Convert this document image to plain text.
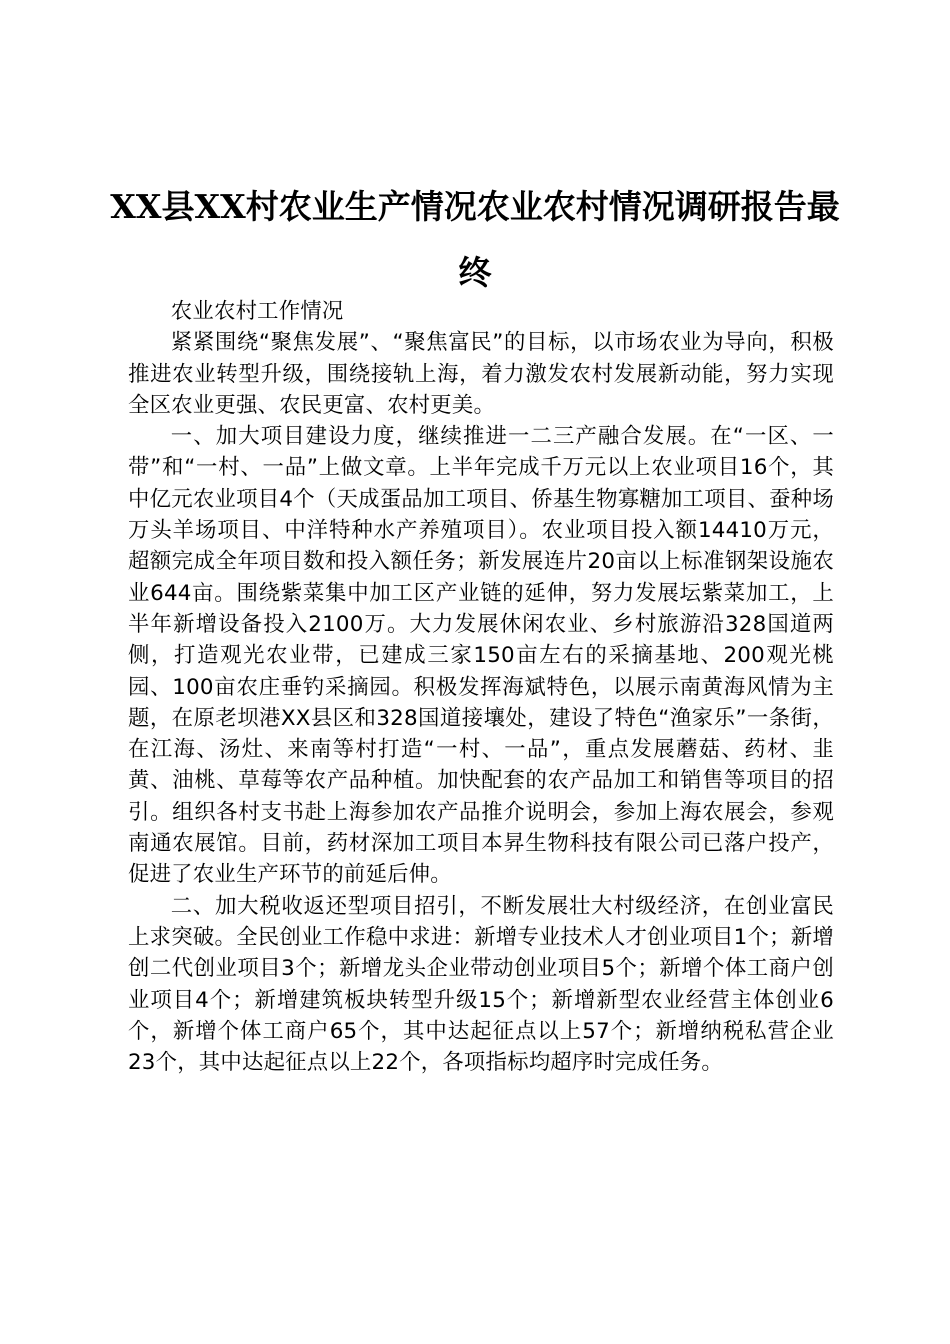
XX县XX村农业生产情况农业农村情况调研报告最终

农业农村工作情况

紧紧围绕“聚焦发展”、“聚焦富民”的目标，以市场农业为导向，积极推进农业转型升级，围绕接轨上海，着力激发农村发展新动能，努力实现全区农业更强、农民更富、农村更美。

一、加大项目建设力度，继续推进一二三产融合发展。在“一区、一带”和“一村、一品”上做文章。上半年完成千万元以上农业项目16个，其中亿元农业项目4个（天成蛋品加工项目、侨基生物寡糖加工项目、蚕种场万头羊场项目、中洋特种水产养殖项目）。农业项目投入额14410万元，超额完成全年项目数和投入额任务；新发展连片20亩以上标准钢架设施农业644亩。围绕紫菜集中加工区产业链的延伸，努力发展坛紫菜加工，上半年新增设备投入2100万。大力发展休闲农业、乡村旅游沿328国道两侧，打造观光农业带，已建成三家150亩左右的采摘基地、200观光桃园、100亩农庄垂钓采摘园。积极发挥海斌特色，以展示南黄海风情为主题，在原老坝港XX县区和328国道接壤处，建设了特色“渔家乐”一条街，在江海、汤灶、来南等村打造“一村、一品”，重点发展蘑菇、药材、韭黄、油桃、草莓等农产品种植。加快配套的农产品加工和销售等项目的招引。组织各村支书赴上海参加农产品推介说明会，参加上海农展会，参观南通农展馆。目前，药材深加工项目本昇生物科技有限公司已落户投产，促进了农业生产环节的前延后伸。

二、加大税收返还型项目招引，不断发展壮大村级经济，在创业富民上求突破。全民创业工作稳中求进：新增专业技术人才创业项目1个；新增创二代创业项目3个；新增龙头企业带动创业项目5个；新增个体工商户创业项目4个；新增建筑板块转型升级15个；新增新型农业经营主体创业6个，新增个体工商户65个，其中达起征点以上57个；新增纳税私营企业23个，其中达起征点以上22个，各项指标均超序时完成任务。
